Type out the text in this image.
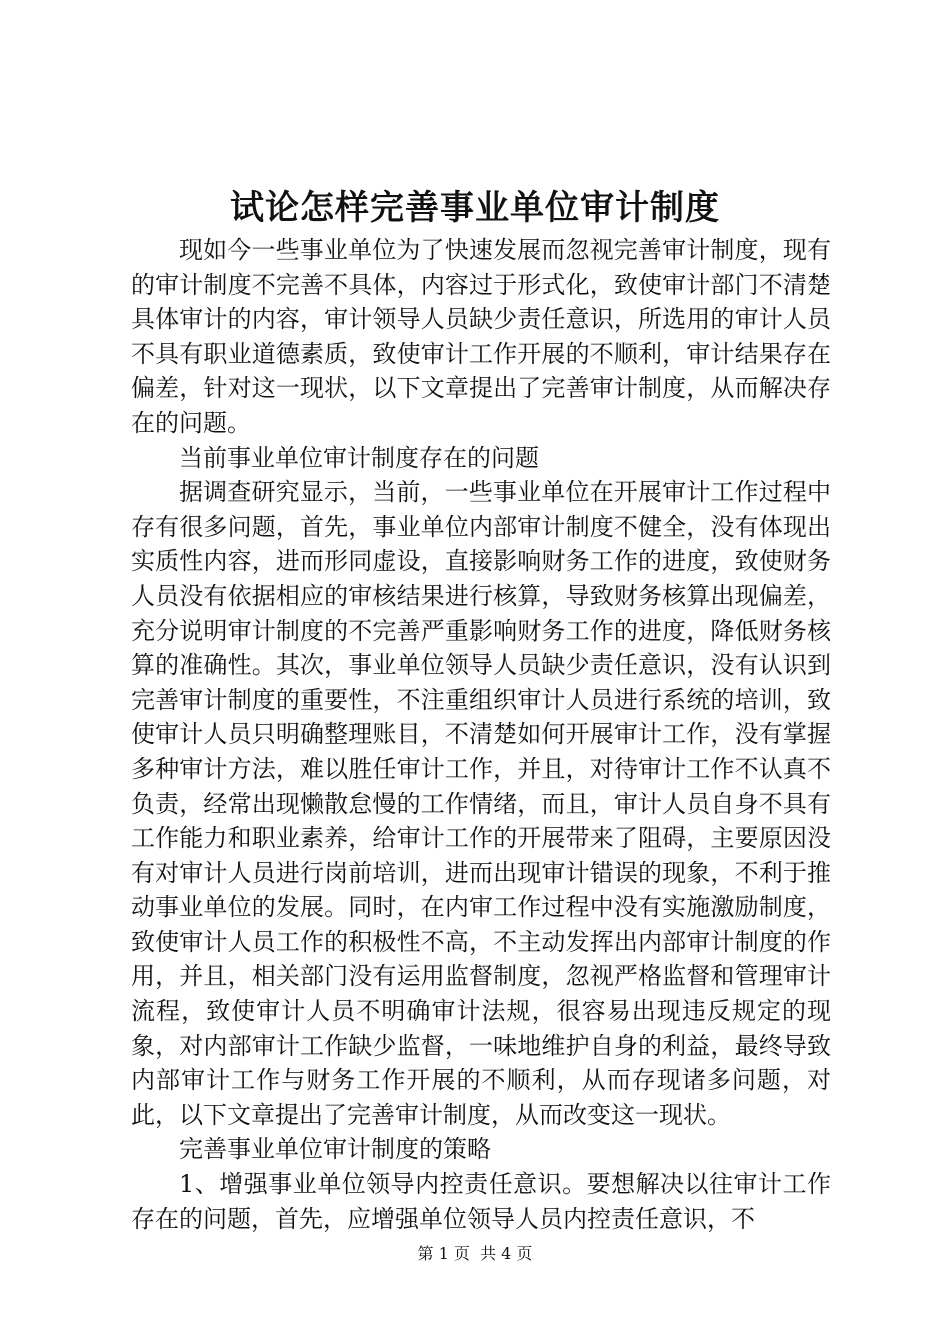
试论怎样完善事业单位审计制度

现如今一些事业单位为了快速发展而忽视完善审计制度，现有的审计制度不完善不具体，内容过于形式化，致使审计部门不清楚具体审计的内容，审计领导人员缺少责任意识，所选用的审计人员不具有职业道德素质，致使审计工作开展的不顺利，审计结果存在偏差，针对这一现状，以下文章提出了完善审计制度，从而解决存在的问题。

当前事业单位审计制度存在的问题

据调查研究显示，当前，一些事业单位在开展审计工作过程中存有很多问题，首先，事业单位内部审计制度不健全，没有体现出实质性内容，进而形同虚设，直接影响财务工作的进度，致使财务人员没有依据相应的审核结果进行核算，导致财务核算出现偏差，充分说明审计制度的不完善严重影响财务工作的进度，降低财务核算的准确性。其次，事业单位领导人员缺少责任意识，没有认识到完善审计制度的重要性，不注重组织审计人员进行系统的培训，致使审计人员只明确整理账目，不清楚如何开展审计工作，没有掌握多种审计方法，难以胜任审计工作，并且，对待审计工作不认真不负责，经常出现懒散怠慢的工作情绪，而且，审计人员自身不具有工作能力和职业素养，给审计工作的开展带来了阻碍，主要原因没有对审计人员进行岗前培训，进而出现审计错误的现象，不利于推动事业单位的发展。同时，在内审工作过程中没有实施激励制度，致使审计人员工作的积极性不高，不主动发挥出内部审计制度的作用，并且，相关部门没有运用监督制度，忽视严格监督和管理审计流程，致使审计人员不明确审计法规，很容易出现违反规定的现象，对内部审计工作缺少监督，一味地维护自身的利益，最终导致内部审计工作与财务工作开展的不顺利，从而存现诸多问题，对此，以下文章提出了完善审计制度，从而改变这一现状。

完善事业单位审计制度的策略

1、增强事业单位领导内控责任意识。要想解决以往审计工作存在的问题，首先，应增强单位领导人员内控责任意识，不

第 1 页  共 4 页
